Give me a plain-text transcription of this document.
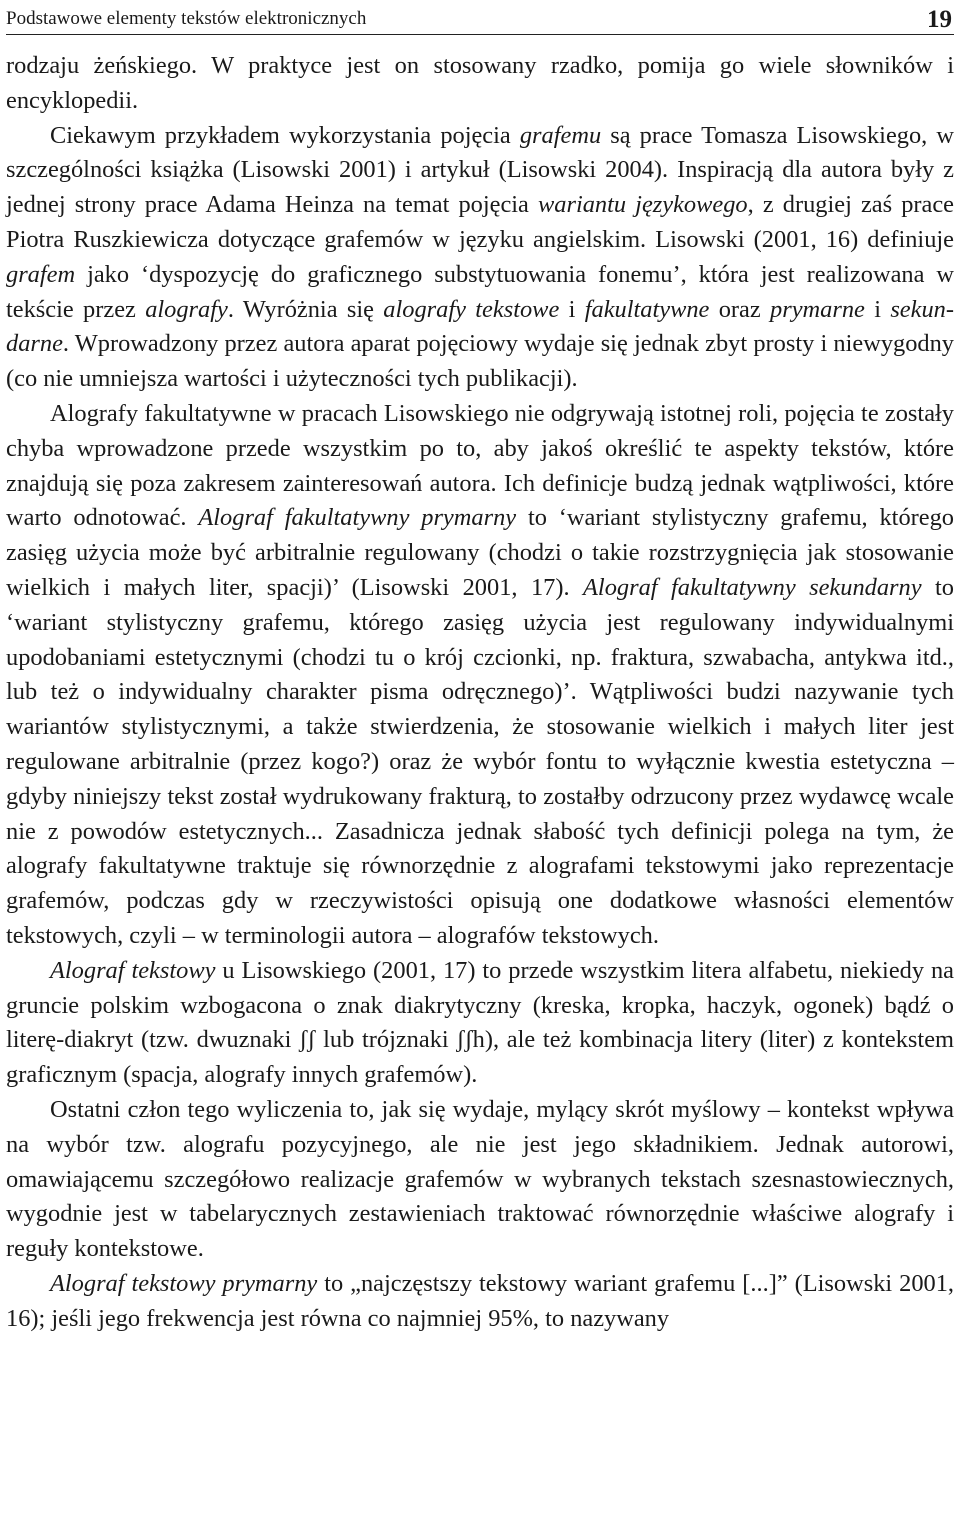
Podstawowe elementy tekstów elektronicznych	19

rodzaju żeńskiego. W praktyce jest on stosowany rzadko, pomija go wiele słowników i encyklopedii.

Ciekawym przykładem wykorzystania pojęcia grafemu są prace Tomasza Lisowskiego, w szczególności książka (Lisowski 2001) i artykuł (Lisowski 2004). Inspiracją dla autora były z jednej strony prace Adama Heinza na temat pojęcia wariantu językowego, z drugiej zaś prace Piotra Ruszkiewicza dotyczące grafemów w języku angielskim. Lisowski (2001, 16) definiuje grafem jako ‘dyspozycję do graficznego substytuowania fonemu’, która jest realizowana w tekście przez alografy. Wyróżnia się alografy tekstowe i fakultatywne oraz prymarne i sekundarne. Wprowadzony przez autora aparat pojęciowy wydaje się jednak zbyt prosty i niewygodny (co nie umniejsza wartości i użyteczności tych publikacji).

Alografy fakultatywne w pracach Lisowskiego nie odgrywają istotnej roli, pojęcia te zostały chyba wprowadzone przede wszystkim po to, aby jakoś określić te aspekty tekstów, które znajdują się poza zakresem zainteresowań autora. Ich definicje budzą jednak wątpliwości, które warto odnotować. Alograf fakultatywny prymarny to ‘wariant stylistyczny grafemu, którego zasięg użycia może być arbitralnie regulowany (chodzi o takie rozstrzygnięcia jak stosowanie wielkich i małych liter, spacji)’ (Lisowski 2001, 17). Alograf fakultatywny sekundarny to ‘wariant stylistyczny grafemu, którego zasięg użycia jest regulowany indywidualnymi upodobaniami estetycznymi (chodzi tu o krój czcionki, np. fraktura, szwabacha, antykwa itd., lub też o indywidualny charakter pisma odręcznego)’. Wątpliwości budzi nazywanie tych wariantów stylistycznymi, a także stwierdzenia, że stosowanie wielkich i małych liter jest regulowane arbitralnie (przez kogo?) oraz że wybór fontu to wyłącznie kwestia estetyczna – gdyby niniejszy tekst został wydrukowany frakturą, to zostałby odrzucony przez wydawcę wcale nie z powodów estetycznych... Zasadnicza jednak słabość tych definicji polega na tym, że alografy fakultatywne traktuje się równorzędnie z alografami tekstowymi jako reprezentacje grafemów, podczas gdy w rzeczywistości opisują one dodatkowe własności elementów tekstowych, czyli – w terminologii autora – alografów tekstowych.

Alograf tekstowy u Lisowskiego (2001, 17) to przede wszystkim litera alfabetu, niekiedy na gruncie polskim wzbogacona o znak diakrytyczny (kreska, kropka, haczyk, ogonek) bądź o literę-diakryt (tzw. dwuznaki ʃʃ lub trójznaki ʃʃh), ale też kombinacja litery (liter) z kontekstem graficznym (spacja, alografy innych grafemów).

Ostatni człon tego wyliczenia to, jak się wydaje, mylący skrót myślowy – kontekst wpływa na wybór tzw. alografu pozycyjnego, ale nie jest jego składnikiem. Jednak autorowi, omawiającemu szczegółowo realizacje grafemów w wybranych tekstach szesnastowiecznych, wygodnie jest w tabelarycznych zestawieniach traktować równorzędnie właściwe alografy i reguły kontekstowe.

Alograf tekstowy prymarny to „najczęstszy tekstowy wariant grafemu [...]” (Lisowski 2001, 16); jeśli jego frekwencja jest równa co najmniej 95%, to nazywany
